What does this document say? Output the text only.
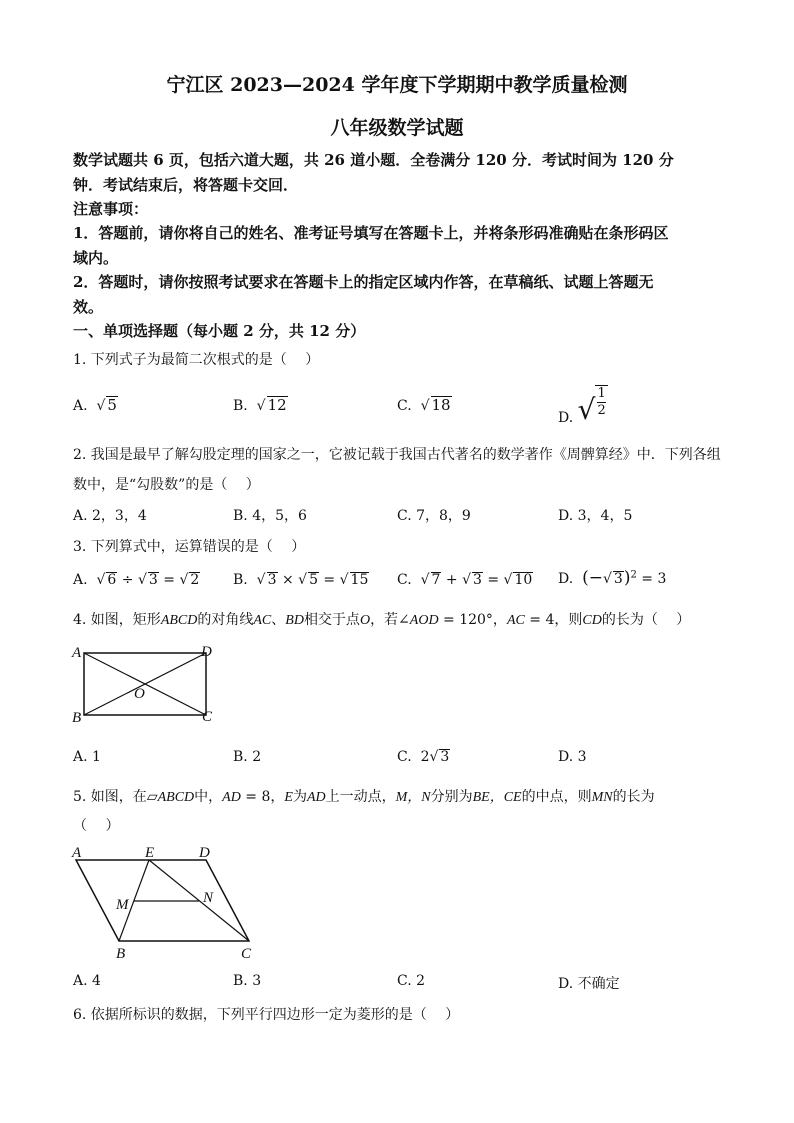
宁江区 2023—2024 学年度下学期期中教学质量检测
八年级数学试题
数学试题共 6 页，包括六道大题，共 26 道小题．全卷满分 120 分．考试时间为 120 分
钟．考试结束后，将答题卡交回．
注意事项：
1．答题前，请你将自己的姓名、准考证号填写在答题卡上，并将条形码准确贴在条形码区
域内。
2．答题时，请你按照考试要求在答题卡上的指定区域内作答，在草稿纸、试题上答题无
效。
一、单项选择题（每小题 2 分，共 12 分）
1. 下列式子为最简二次根式的是（　 ）
A.  √ 5	B.  √ 12	C.  √ 18
D. √ $\frac{1}{2}$
2. 我国是最早了解勾股定理的国家之一，它被记载于我国古代著名的数学著作《周髀算经》中．下列各组
数中，是“勾股数”的是（　 ）
A. 2，3，4	B. 4，5，6	C. 7，8，9	D. 3，4，5
3. 下列算式中，运算错误的是（　 ）
A.  √ 6 ÷ √ 3 = √ 2 B.  √ 3 × √ 5 = √ 15 C.  √ 7 + √ 3 = √ 10 D. (−√ 3)$^2$ = 3
4. 如图，矩形ABCD的对角线AC、BD相交于点O，若∠AOD = 120°，AC = 4，则CD的长为（　 ）
A	D
O
B	C
A. 1	B. 2	C. 2√ 3	D. 3
5. 如图，在▱ABCD中，AD = 8，E为AD上一动点，M，N分别为BE，CE的中点，则MN的长为
（　 ）
A	E	D
M	N
B	C
A. 4	B. 3	C. 2	D. 不确定
6. 依据所标识的数据，下列平行四边形一定为菱形的是（　 ）
